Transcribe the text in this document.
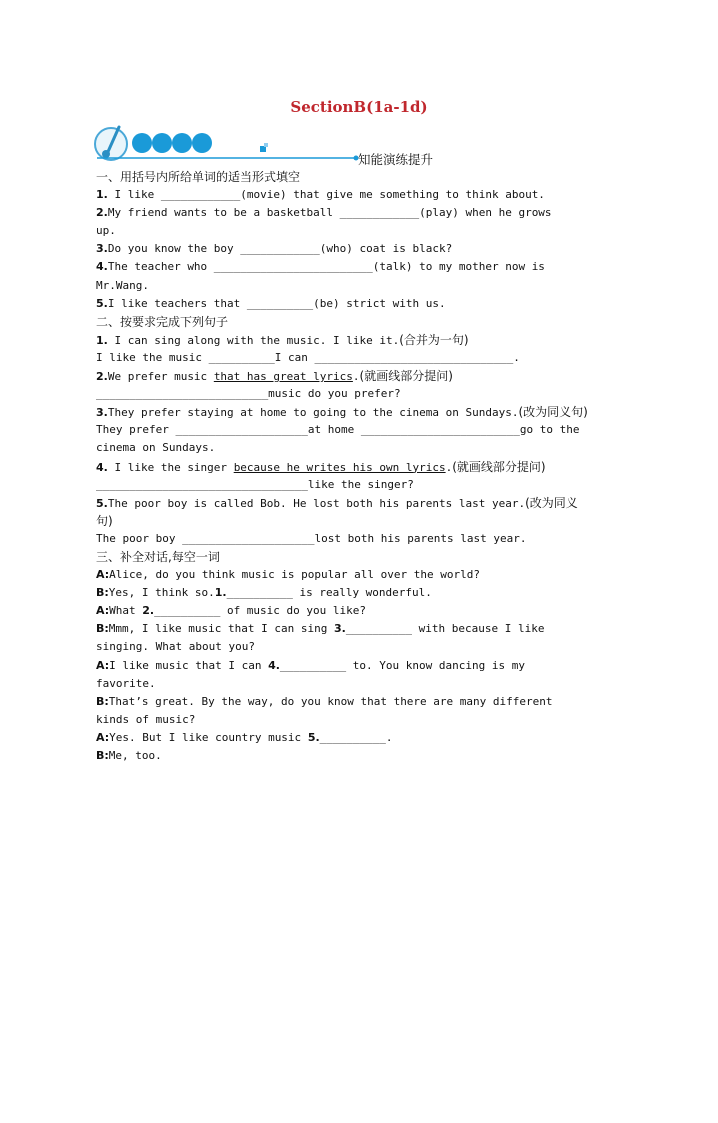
SectionB(1a-1d)
知能演练提升
一、用括号内所给单词的适当形式填空
1. I like ____________(movie) that give me something to think about.
2.My friend wants to be a basketball ____________(play) when he grows
up.
3.Do you know the boy ____________(who) coat is black?
4.The teacher who ________________________(talk) to my mother now is
Mr.Wang.
5.I like teachers that __________(be) strict with us.
二、按要求完成下列句子
1. I can sing along with the music. I like it.(合并为一句)
I like the music __________I can ______________________________.
2.We prefer music that has great lyrics.(就画线部分提问)
__________________________music do you prefer?
3.They prefer staying at home to going to the cinema on Sundays.(改为同义句)
They prefer ____________________at home ________________________go to the
cinema on Sundays.
4. I like the singer because he writes his own lyrics.(就画线部分提问)
________________________________like the singer?
5.The poor boy is called Bob. He lost both his parents last year.(改为同义
句)
The poor boy ____________________lost both his parents last year.
三、补全对话,每空一词
A:Alice, do you think music is popular all over the world?
B:Yes, I think so.1.__________ is really wonderful.
A:What 2.__________ of music do you like?
B:Mmm, I like music that I can sing 3.__________ with because I like
singing. What about you?
A:I like music that I can 4.__________ to. You know dancing is my
favorite.
B:That’s great. By the way, do you know that there are many different
kinds of music?
A:Yes. But I like country music 5.__________.
B:Me, too.
